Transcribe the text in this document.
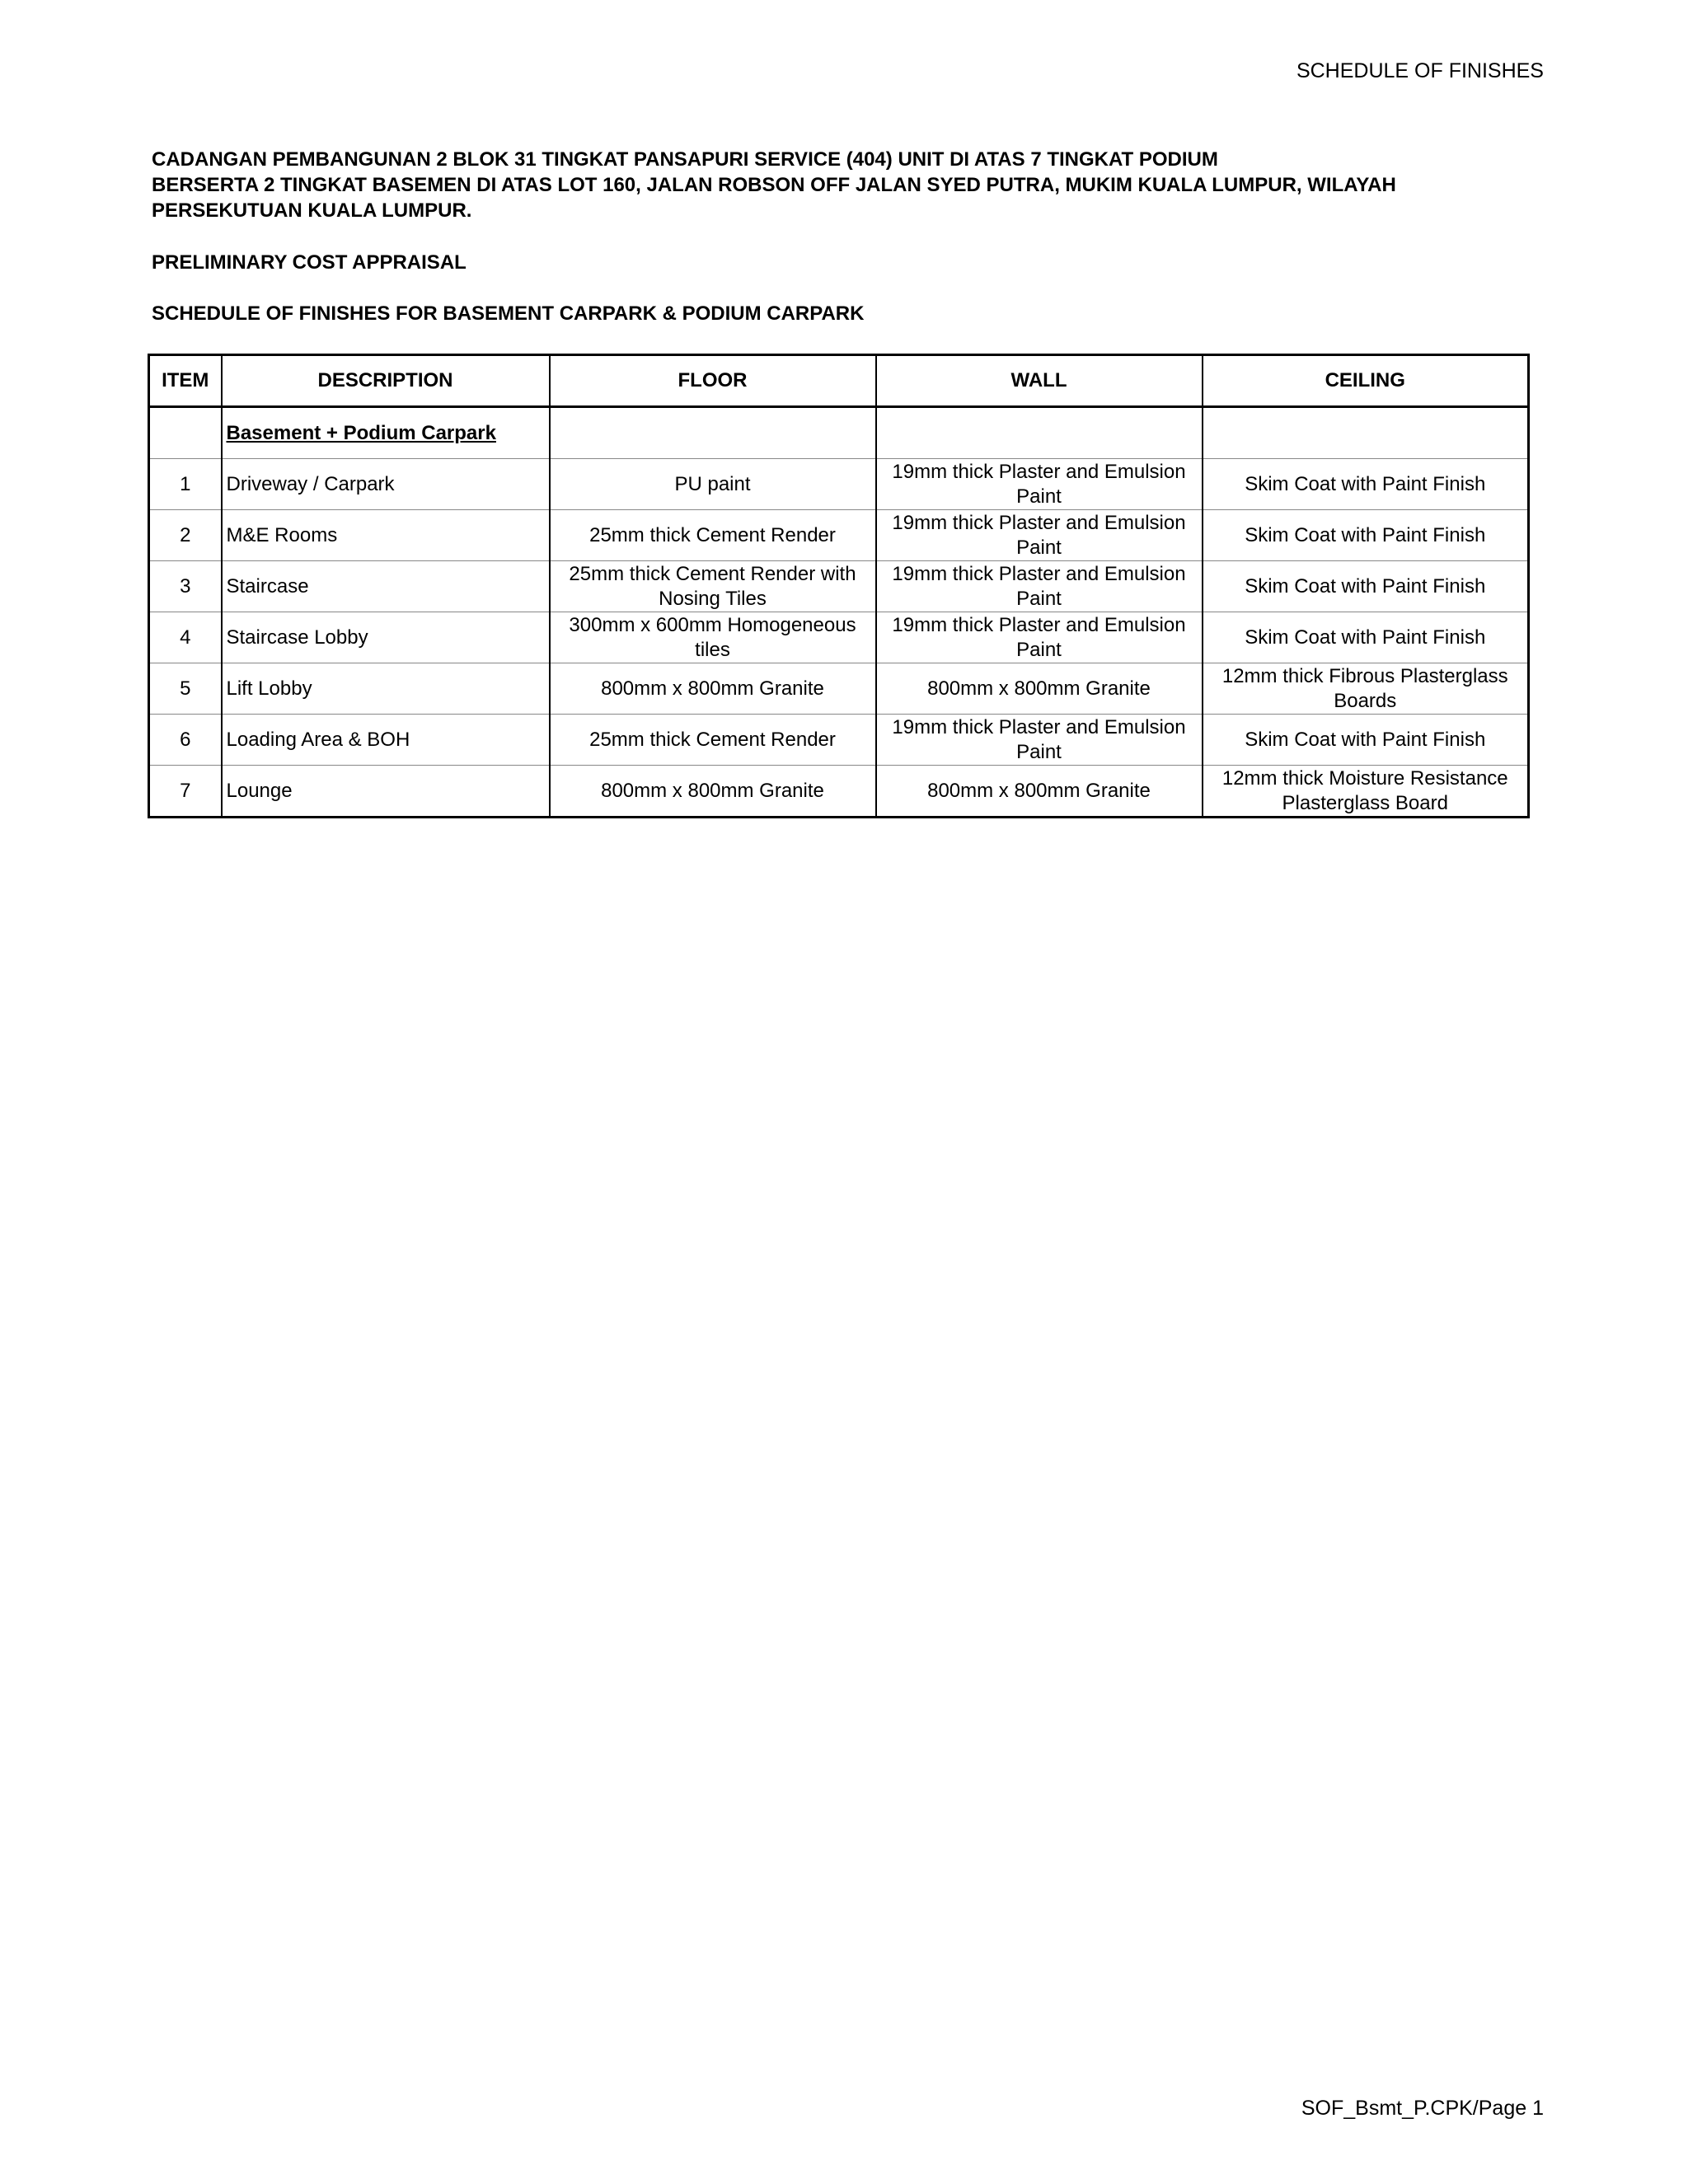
SCHEDULE OF FINISHES
CADANGAN PEMBANGUNAN 2 BLOK 31 TINGKAT PANSAPURI SERVICE (404) UNIT DI ATAS 7 TINGKAT PODIUM
BERSERTA 2 TINGKAT BASEMEN DI ATAS LOT 160, JALAN ROBSON OFF JALAN SYED PUTRA, MUKIM KUALA LUMPUR, WILAYAH
PERSEKUTUAN KUALA LUMPUR.
PRELIMINARY COST APPRAISAL
SCHEDULE OF FINISHES FOR BASEMENT CARPARK & PODIUM CARPARK
ITEM	DESCRIPTION	FLOOR	WALL	CEILING
	Basement + Podium Carpark			
1	Driveway / Carpark	PU paint	19mm thick Plaster and Emulsion Paint	Skim Coat with Paint Finish
2	M&E Rooms	25mm thick Cement Render	19mm thick Plaster and Emulsion Paint	Skim Coat with Paint Finish
3	Staircase	25mm thick Cement Render with Nosing Tiles	19mm thick Plaster and Emulsion Paint	Skim Coat with Paint Finish
4	Staircase Lobby	300mm x 600mm Homogeneous tiles	19mm thick Plaster and Emulsion Paint	Skim Coat with Paint Finish
5	Lift Lobby	800mm x 800mm Granite	800mm x 800mm Granite	12mm thick Fibrous Plasterglass Boards
6	Loading Area & BOH	25mm thick Cement Render	19mm thick Plaster and Emulsion Paint	Skim Coat with Paint Finish
7	Lounge	800mm x 800mm Granite	800mm x 800mm Granite	12mm thick Moisture Resistance Plasterglass Board
SOF_Bsmt_P.CPK/Page 1
